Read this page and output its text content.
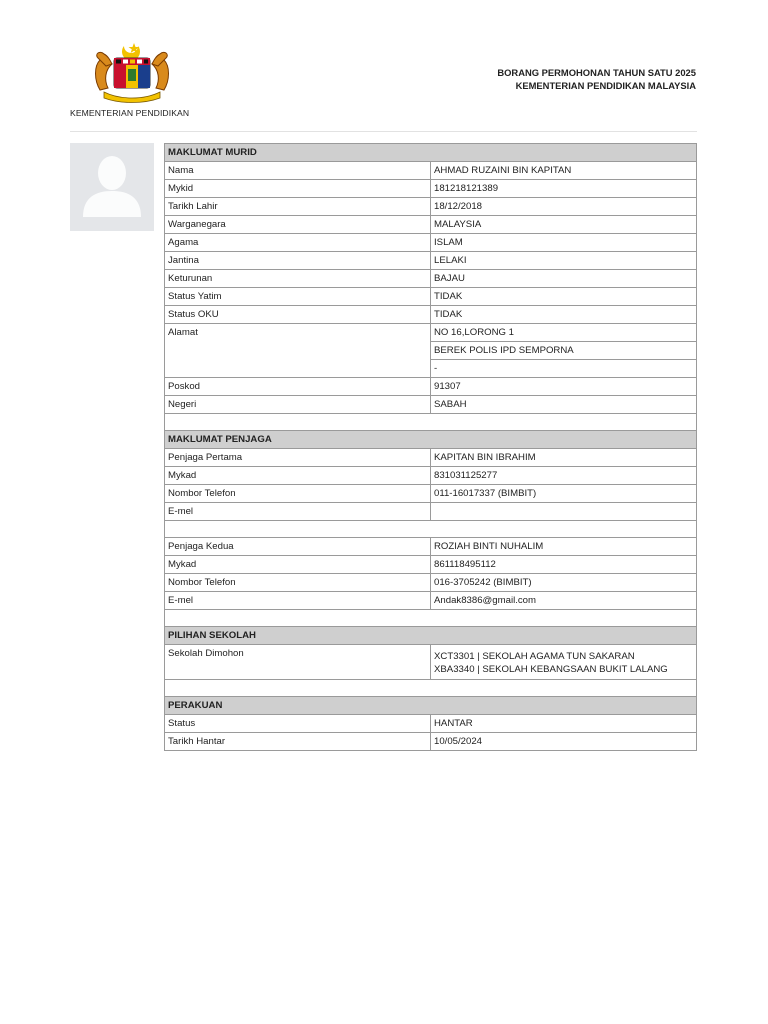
KEMENTERIAN PENDIDIKAN
BORANG PERMOHONAN TAHUN SATU 2025
KEMENTERIAN PENDIDIKAN MALAYSIA
MAKLUMAT MURID	
Nama	AHMAD RUZAINI BIN KAPITAN
Mykid	181218121389
Tarikh Lahir	18/12/2018
Warganegara	MALAYSIA
Agama	ISLAM
Jantina	LELAKI
Keturunan	BAJAU
Status Yatim	TIDAK
Status OKU	TIDAK
Alamat	NO 16,LORONG 1
	BEREK POLIS IPD SEMPORNA
	-
Poskod	91307
Negeri	SABAH

MAKLUMAT PENJAGA	
Penjaga Pertama	KAPITAN BIN IBRAHIM
Mykad	831031125277
Nombor Telefon	011-16017337 (BIMBIT)
E-mel	

Penjaga Kedua	ROZIAH BINTI NUHALIM
Mykad	861118495112
Nombor Telefon	016-3705242 (BIMBIT)
E-mel	Andak8386@gmail.com

PILIHAN SEKOLAH	
Sekolah Dimohon	XCT3301 | SEKOLAH AGAMA TUN SAKARAN
XBA3340 | SEKOLAH KEBANGSAAN BUKIT LALANG

PERAKUAN	
Status	HANTAR
Tarikh Hantar	10/05/2024
